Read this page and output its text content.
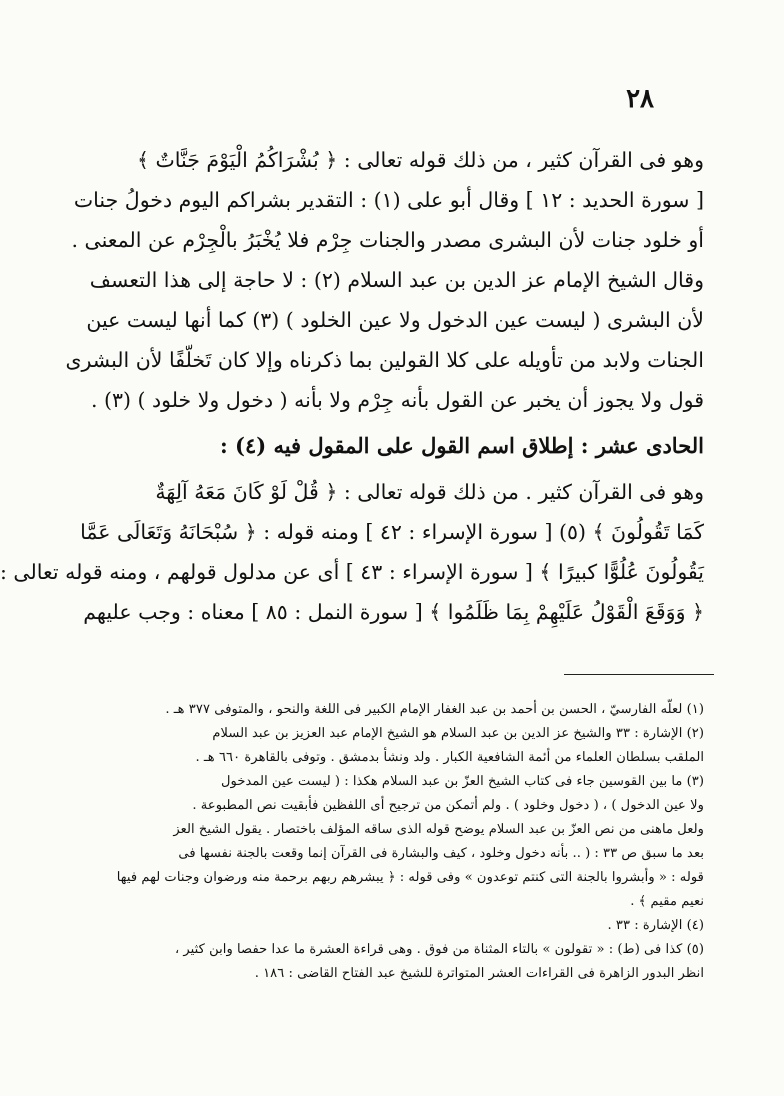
٢٨
وهو فى القرآن كثير ، من ذلك قوله تعالى : ﴿ بُشْرَاكُمُ الْيَوْمَ جَنَّاتٌ ﴾
[ سورة الحديد : ١٢ ] وقال أبو على (١) : التقدير بشراكم اليوم دخولُ جنات
أو خلود جنات لأن البشرى مصدر والجنات جِرْم فلا يُخْبَرُ بالْجِرْم عن المعنى .
وقال الشيخ الإمام عز الدين بن عبد السلام (٢) : لا حاجة إلى هذا التعسف
لأن البشرى ( ليست عين الدخول ولا عين الخلود ) (٣) كما أنها ليست عين
الجنات ولابد من تأويله على كلا القولين بما ذكرناه وإلا كان تَخلّفًا لأن البشرى
قول ولا يجوز أن يخبر عن القول بأنه جِرْم ولا بأنه ( دخول ولا خلود ) (٣) .
الحادى عشر : إطلاق اسم القول على المقول فيه (٤) :
وهو فى القرآن كثير . من ذلك قوله تعالى : ﴿ قُلْ لَوْ كَانَ مَعَهُ آلِهَةٌ
كَمَا تَقُولُونَ ﴾ (٥) [ سورة الإسراء : ٤٢ ] ومنه قوله : ﴿ سُبْحَانَهُ وَتَعَالَى عَمَّا
يَقُولُونَ عُلُوًّا كبيرًا ﴾ [ سورة الإسراء : ٤٣ ] أى عن مدلول قولهم ، ومنه قوله تعالى :
﴿ وَوَقَعَ الْقَوْلُ عَلَيْهِمْ بِمَا ظَلَمُوا ﴾ [ سورة النمل : ٨٥ ] معناه : وجب عليهم
(١) لعلّه الفارسيّ ، الحسن بن أحمد بن عبد الغفار الإمام الكبير فى اللغة والنحو ، والمتوفى ٣٧٧ هـ .
(٢) الإشارة : ٣٣ والشيخ عز الدين بن عبد السلام هو الشيخ الإمام عبد العزيز بن عبد السلام
الملقب بسلطان العلماء من أئمة الشافعية الكبار . ولد ونشأ بدمشق . وتوفى بالقاهرة ٦٦٠ هـ .
(٣) ما بين القوسين جاء فى كتاب الشيخ العزّ بن عبد السلام هكذا : ( ليست عين المدخول
ولا عين الدخول ) ، ( دخول وخلود ) . ولم أتمكن من ترجيح أى اللفظين فأبقيت نص المطبوعة .
ولعل ماهنى من نص العزّ بن عبد السلام يوضح قوله الذى ساقه المؤلف باختصار . يقول الشيخ العز
بعد ما سبق ص ٣٣ : ( .. بأنه دخول وخلود ، كيف والبشارة فى القرآن إنما وقعت بالجنة نفسها فى
قوله : « وأبشروا بالجنة التى كنتم توعدون » وفى قوله : ﴿ يبشرهم ربهم برحمة منه ورضوان وجنات لهم فيها
نعيم مقيم ﴾ .
(٤) الإشارة : ٣٣ .
(٥) كذا فى (ط) : « تقولون » بالتاء المثناة من فوق . وهى قراءة العشرة ما عدا حفصا وابن كثير ،
انظر البدور الزاهرة فى القراءات العشر المتواترة للشيخ عبد الفتاح القاضى : ١٨٦ .
